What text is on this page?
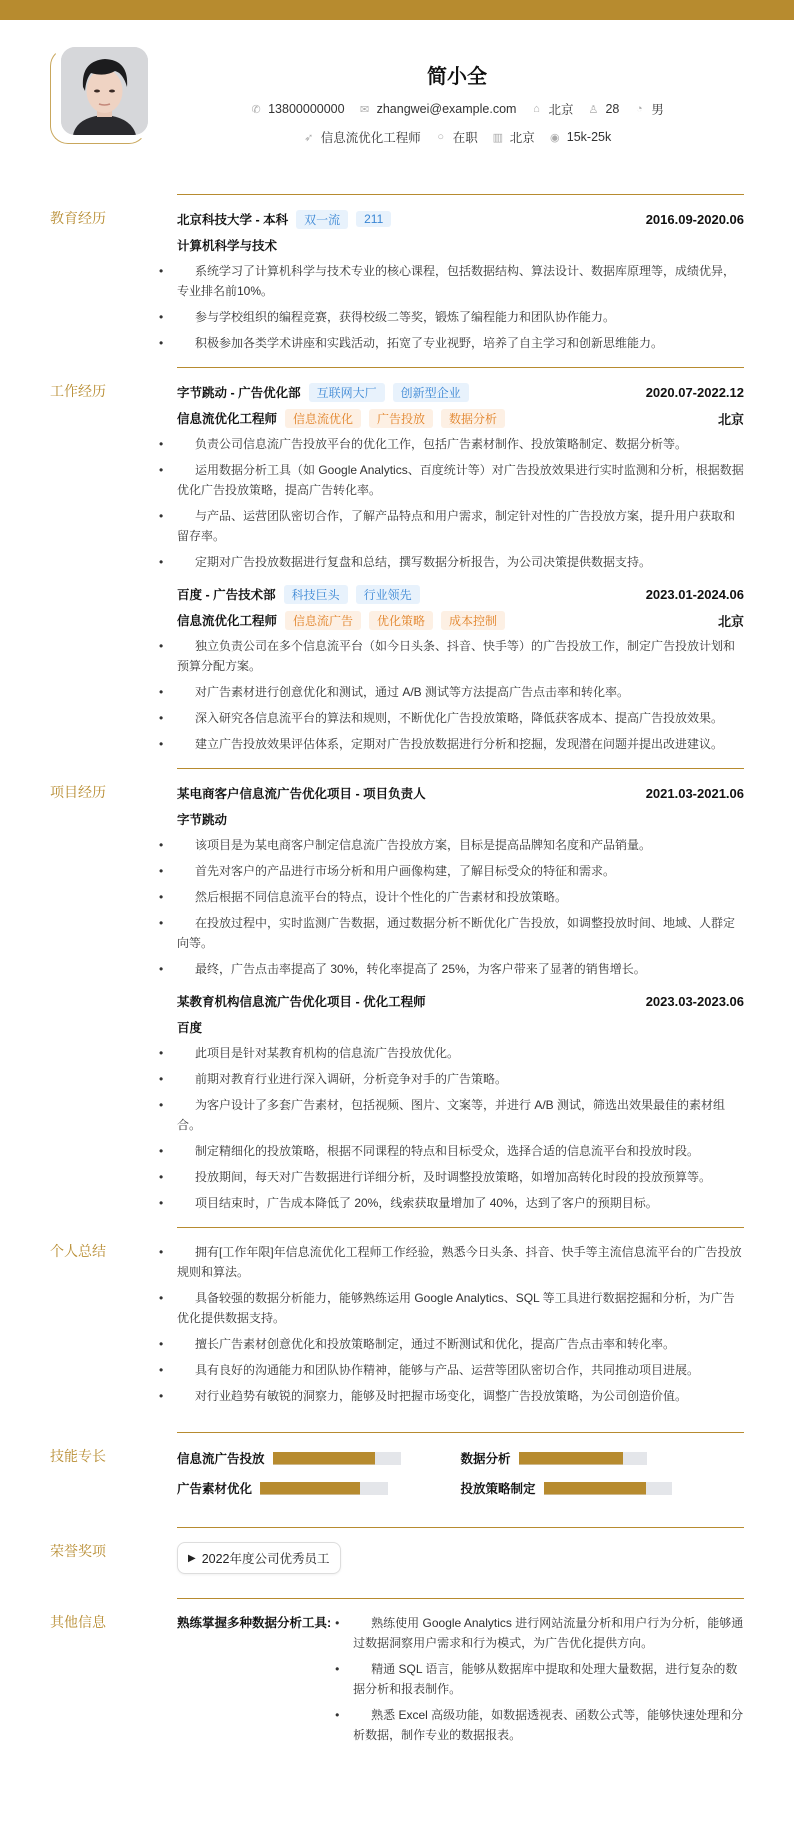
简小全
✆ 13800000000 ✉ zhangwei@example.com ⌂ 北京 ♙ 28 ◔ 男
➶ 信息流优化工程师 ○ 在职 ▥ 北京 ◉ 15k-25k
教育经历	北京科技大学 - 本科	双一流	211	2016.09-2020.06
计算机科学与技术
• 系统学习了计算机科学与技术专业的核心课程，包括数据结构、算法设计、数据库原理等，成绩优异，专业排名前10%。
• 参与学校组织的编程竞赛，获得校级二等奖，锻炼了编程能力和团队协作能力。
• 积极参加各类学术讲座和实践活动，拓宽了专业视野，培养了自主学习和创新思维能力。
工作经历	字节跳动 - 广告优化部	互联网大厂	创新型企业	2020.07-2022.12
信息流优化工程师	信息流优化	广告投放	数据分析	北京
• 负责公司信息流广告投放平台的优化工作，包括广告素材制作、投放策略制定、数据分析等。
• 运用数据分析工具（如 Google Analytics、百度统计等）对广告投放效果进行实时监测和分析，根据数据优化广告投放策略，提高广告转化率。
• 与产品、运营团队密切合作，了解产品特点和用户需求，制定针对性的广告投放方案，提升用户获取和留存率。
• 定期对广告投放数据进行复盘和总结，撰写数据分析报告，为公司决策提供数据支持。
百度 - 广告技术部	科技巨头	行业领先	2023.01-2024.06
信息流优化工程师	信息流广告	优化策略	成本控制	北京
• 独立负责公司在多个信息流平台（如今日头条、抖音、快手等）的广告投放工作，制定广告投放计划和预算分配方案。
• 对广告素材进行创意优化和测试，通过 A/B 测试等方法提高广告点击率和转化率。
• 深入研究各信息流平台的算法和规则，不断优化广告投放策略，降低获客成本、提高广告投放效果。
• 建立广告投放效果评估体系，定期对广告投放数据进行分析和挖掘，发现潜在问题并提出改进建议。
项目经历	某电商客户信息流广告优化项目 - 项目负责人	2021.03-2021.06
字节跳动
• 该项目是为某电商客户制定信息流广告投放方案，目标是提高品牌知名度和产品销量。
• 首先对客户的产品进行市场分析和用户画像构建，了解目标受众的特征和需求。
• 然后根据不同信息流平台的特点，设计个性化的广告素材和投放策略。
• 在投放过程中，实时监测广告数据，通过数据分析不断优化广告投放，如调整投放时间、地域、人群定向等。
• 最终，广告点击率提高了 30%，转化率提高了 25%，为客户带来了显著的销售增长。
某教育机构信息流广告优化项目 - 优化工程师	2023.03-2023.06
百度
• 此项目是针对某教育机构的信息流广告投放优化。
• 前期对教育行业进行深入调研，分析竞争对手的广告策略。
• 为客户设计了多套广告素材，包括视频、图片、文案等，并进行 A/B 测试，筛选出效果最佳的素材组合。
• 制定精细化的投放策略，根据不同课程的特点和目标受众，选择合适的信息流平台和投放时段。
• 投放期间，每天对广告数据进行详细分析，及时调整投放策略，如增加高转化时段的投放预算等。
• 项目结束时，广告成本降低了 20%，线索获取量增加了 40%，达到了客户的预期目标。
个人总结	• 拥有[工作年限]年信息流优化工程师工作经验，熟悉今日头条、抖音、快手等主流信息流平台的广告投放规则和算法。
• 具备较强的数据分析能力，能够熟练运用 Google Analytics、SQL 等工具进行数据挖掘和分析，为广告优化提供数据支持。
• 擅长广告素材创意优化和投放策略制定，通过不断测试和优化，提高广告点击率和转化率。
• 具有良好的沟通能力和团队协作精神，能够与产品、运营等团队密切合作，共同推动项目进展。
• 对行业趋势有敏锐的洞察力，能够及时把握市场变化，调整广告投放策略，为公司创造价值。
技能专长	信息流广告投放	数据分析
广告素材优化	投放策略制定
荣誉奖项	▶ 2022年度公司优秀员工
其他信息	熟练掌握多种数据分析工具:	• 熟练使用 Google Analytics 进行网站流量分析和用户行为分析，能够通过数据洞察用户需求和行为模式，为广告优化提供方向。
• 精通 SQL 语言，能够从数据库中提取和处理大量数据，进行复杂的数据分析和报表制作。
• 熟悉 Excel 高级功能，如数据透视表、函数公式等，能够快速处理和分析数据，制作专业的数据报表。
